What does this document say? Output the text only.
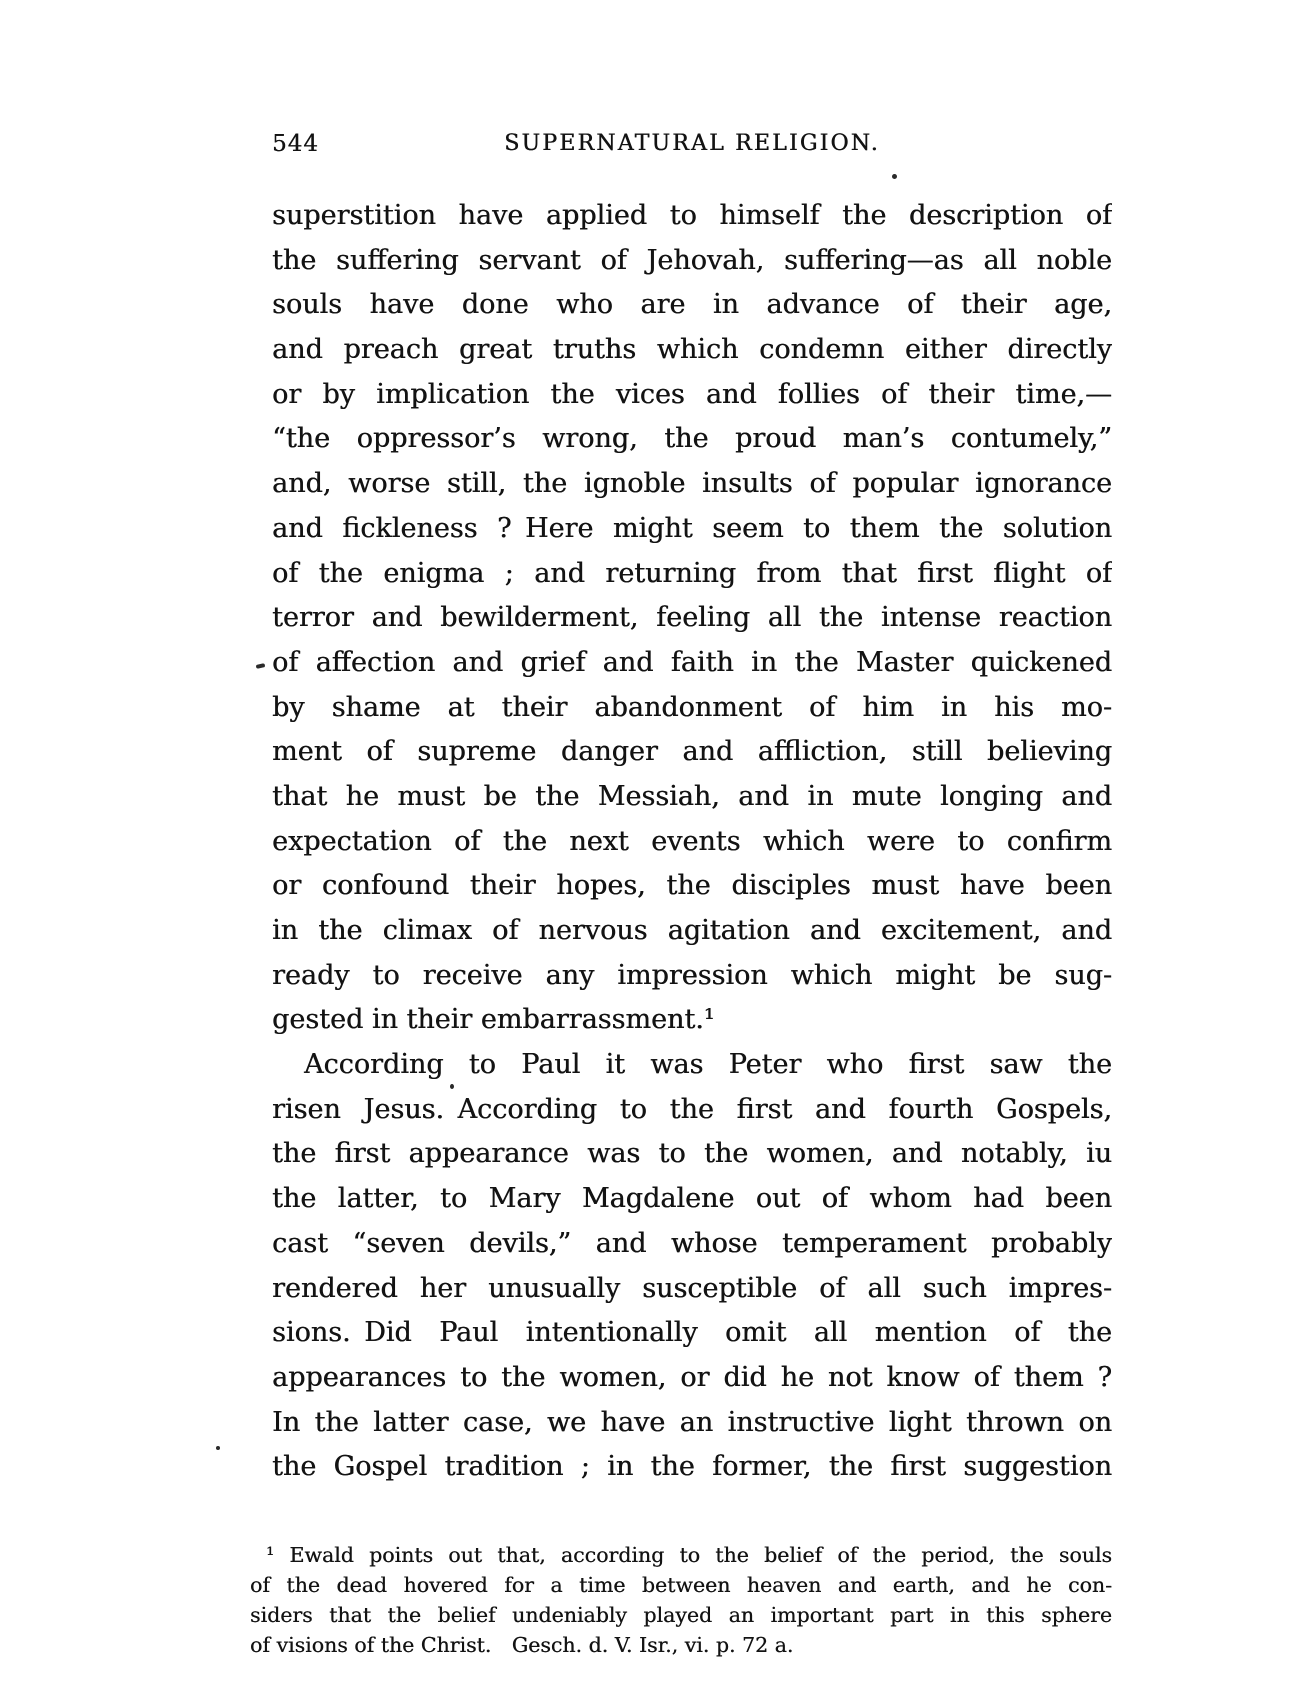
544	SUPERNATURAL RELIGION.
superstition have applied to himself the description of
the suffering servant of Jehovah, suffering—as all noble
souls have done who are in advance of their age,
and preach great truths which condemn either directly
or by implication the vices and follies of their time,—
“the oppressor’s wrong, the proud man’s contumely,”
and, worse still, the ignoble insults of popular ignorance
and fickleness ? Here might seem to them the solution
of the enigma ; and returning from that first flight of
terror and bewilderment, feeling all the intense reaction
of affection and grief and faith in the Master quickened
by shame at their abandonment of him in his mo-
ment of supreme danger and affliction, still believing
that he must be the Messiah, and in mute longing and
expectation of the next events which were to confirm
or confound their hopes, the disciples must have been
in the climax of nervous agitation and excitement, and
ready to receive any impression which might be sug-
gested in their embarrassment.¹
According to Paul it was Peter who first saw the
risen Jesus. According to the first and fourth Gospels,
the first appearance was to the women, and notably, iu
the latter, to Mary Magdalene out of whom had been
cast “seven devils,” and whose temperament probably
rendered her unusually susceptible of all such impres-
sions. Did Paul intentionally omit all mention of the
appearances to the women, or did he not know of them ?
In the latter case, we have an instructive light thrown on
the Gospel tradition ; in the former, the first suggestion
¹ Ewald points out that, according to the belief of the period, the souls
of the dead hovered for a time between heaven and earth, and he con-
siders that the belief undeniably played an important part in this sphere
of visions of the Christ.  Gesch. d. V. Isr., vi. p. 72 a.
